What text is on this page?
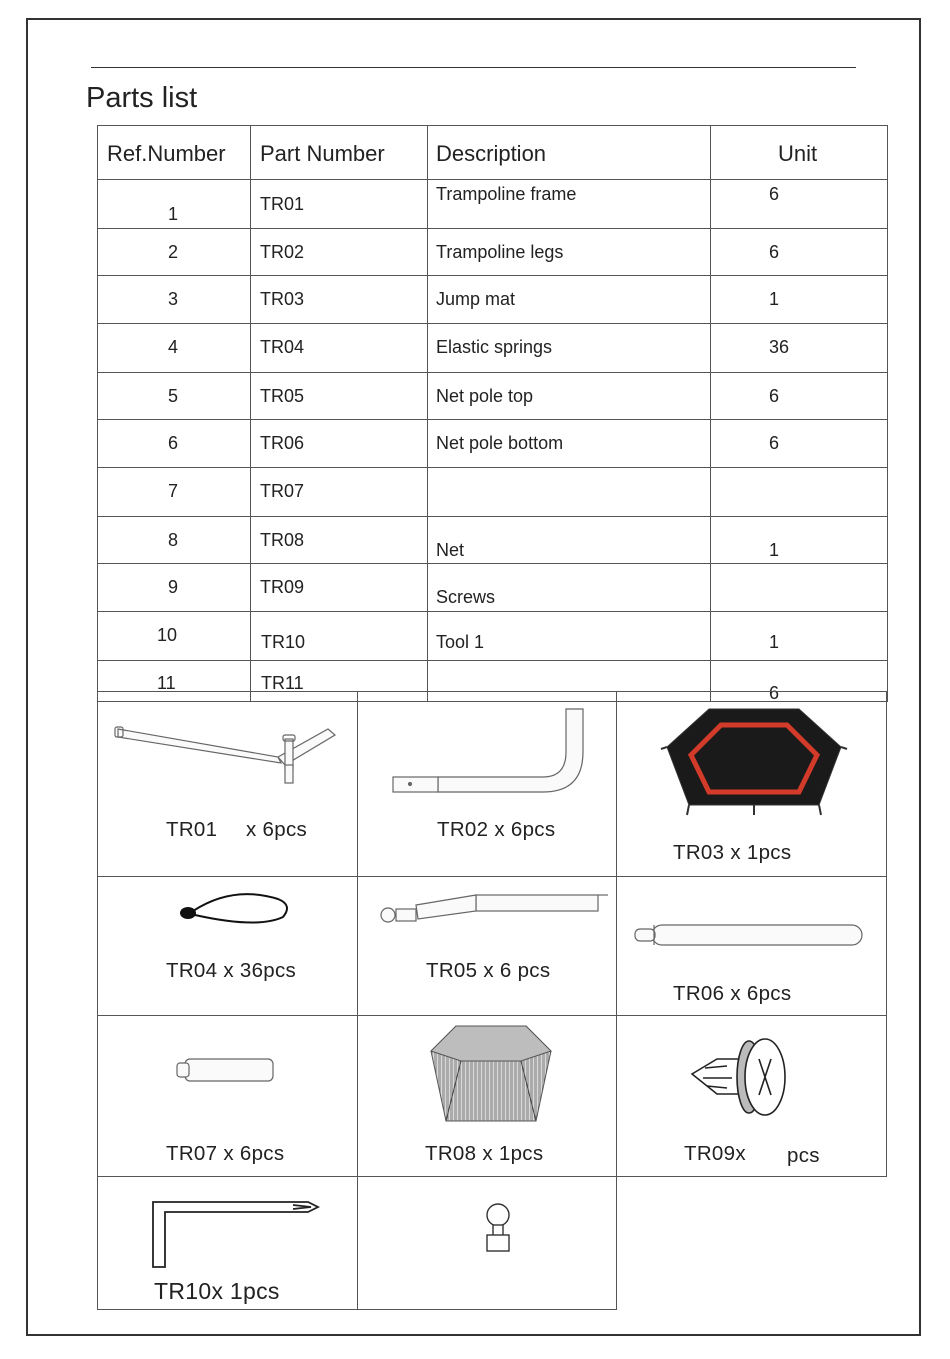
Parts list
Ref.Number	Part Number	Description	Unit

1	TR01	Trampoline frame	6

2	TR02	Trampoline legs	6

3	TR03	Jump mat	1

4	TR04	Elastic springs	36

5	TR05	Net pole top	6

6	TR06	Net pole bottom	6

7	TR07		

8	TR08	Net	1

9	TR09	Screws	

10	TR10	Tool 1	1

11	TR11		6
TR01 x 6pcs	TR02 x 6pcs
TR03 x 1pcs
TR04 x 36pcs	TR05 x 6 pcs
TR06 x 6pcs
TR07 x 6pcs	TR08 x 1pcs	TR09x pcs
TR10x 1pcs
